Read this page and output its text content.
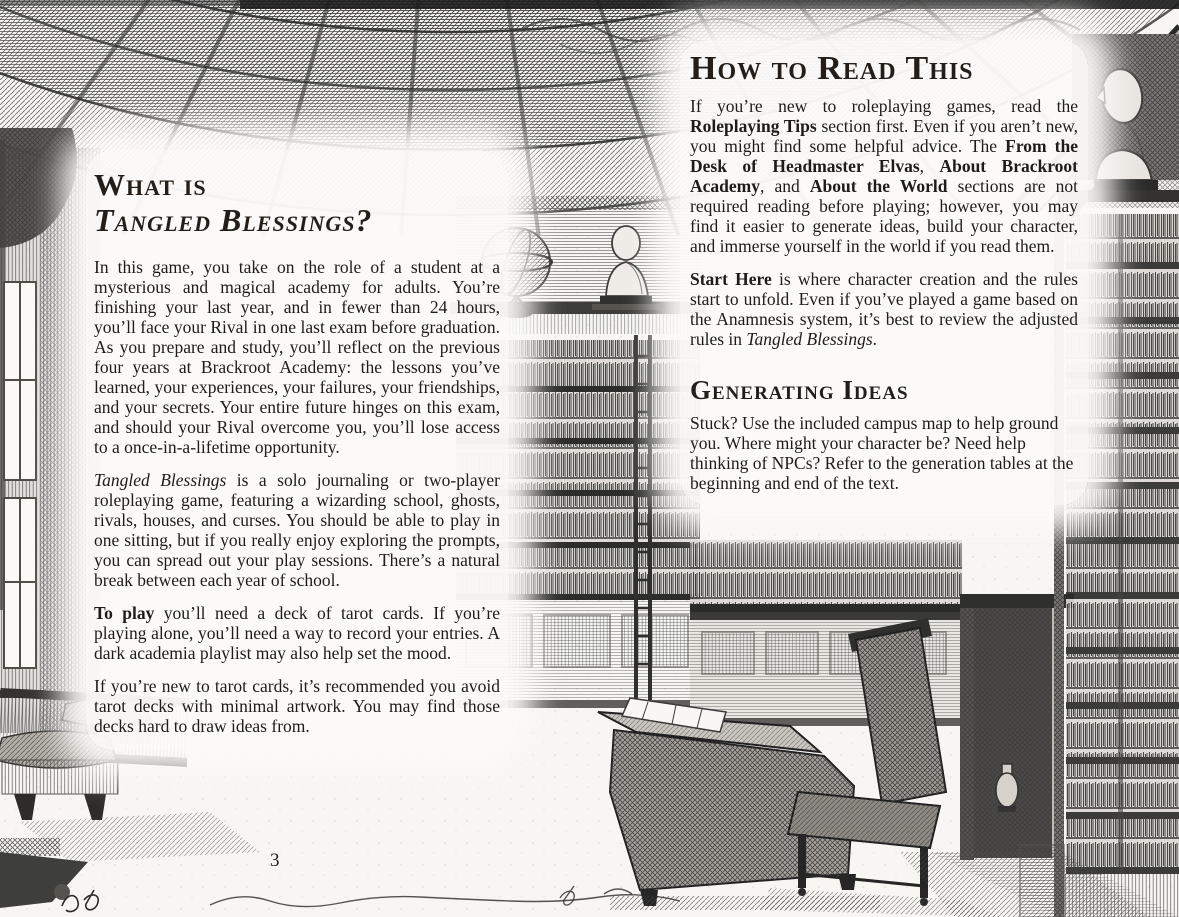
What is
Tangled Blessings?

In this game, you take on the role of a student at a mysterious and magical academy for adults. You’re finishing your last year, and in fewer than 24 hours, you’ll face your Rival in one last exam before graduation. As you prepare and study, you’ll reflect on the previous four years at Brackroot Academy: the lessons you’ve learned, your experiences, your failures, your friendships, and your secrets. Your entire future hinges on this exam, and should your Rival overcome you, you’ll lose access to a once-in-a-lifetime opportunity.

Tangled Blessings is a solo journaling or two-player roleplaying game, featuring a wizarding school, ghosts, rivals, houses, and curses. You should be able to play in one sitting, but if you really enjoy exploring the prompts, you can spread out your play sessions. There’s a natural break between each year of school.

To play you’ll need a deck of tarot cards. If you’re playing alone, you’ll need a way to record your entries. A dark academia playlist may also help set the mood.

If you’re new to tarot cards, it’s recommended you avoid tarot decks with minimal artwork. You may find those decks hard to draw ideas from.

How to Read This

If you’re new to roleplaying games, read the Roleplaying Tips section first. Even if you aren’t new, you might find some helpful advice. The From the Desk of Headmaster Elvas, About Brackroot Academy, and About the World sections are not required reading before playing; however, you may find it easier to generate ideas, build your character, and immerse yourself in the world if you read them.

Start Here is where character creation and the rules start to unfold. Even if you’ve played a game based on the Anamnesis system, it’s best to review the adjusted rules in Tangled Blessings.

Generating Ideas

Stuck? Use the included campus map to help ground you. Where might your character be? Need help thinking of NPCs? Refer to the generation tables at the beginning and end of the text.

3
